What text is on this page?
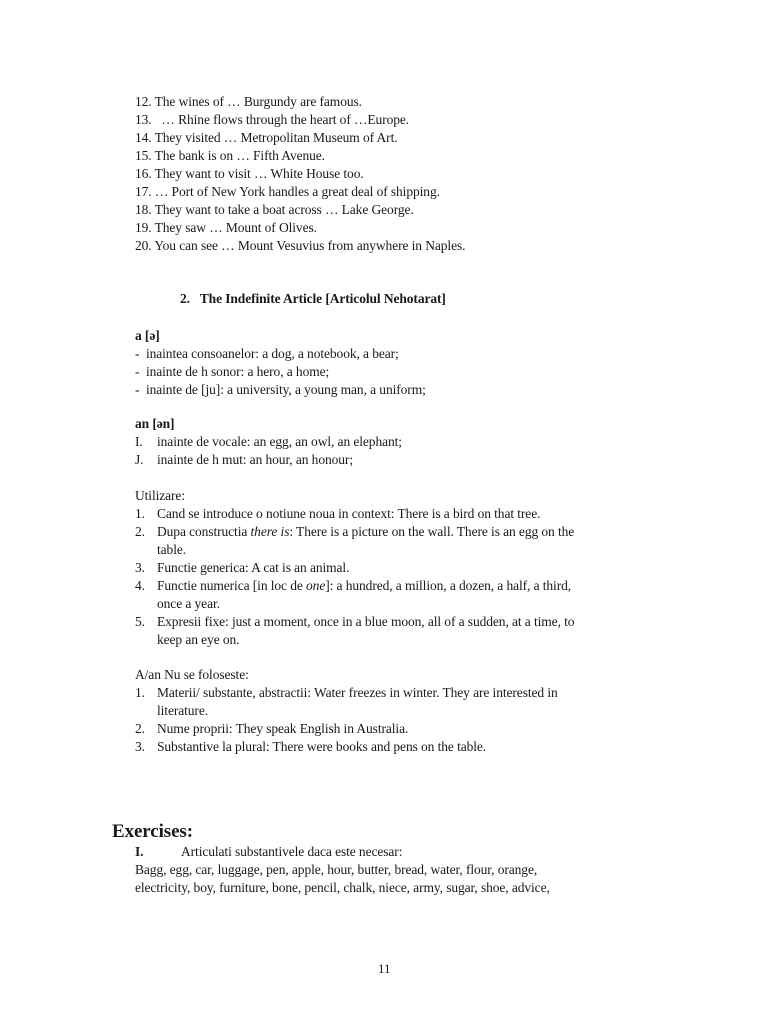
12. The wines of … Burgundy are famous.
13.   … Rhine flows through the heart of …Europe.
14. They visited … Metropolitan Museum of Art.
15. The bank is on … Fifth Avenue.
16. They want to visit … White House too.
17. … Port of New York handles a great deal of shipping.
18. They want to take a boat across … Lake George.
19. They saw … Mount of Olives.
20. You can see … Mount Vesuvius from anywhere in Naples.
2. The Indefinite Article [Articolul Nehotarat]
a [ə]
- inaintea consoanelor: a dog, a notebook, a bear;
- inainte de h sonor: a hero, a home;
- inainte de [ju]: a university, a young man, a uniform;
an [ən]
I. inainte de vocale: an egg, an owl, an elephant;
J. inainte de h mut: an hour, an honour;
Utilizare:
1. Cand se introduce o notiune noua in context: There is a bird on that tree.
2. Dupa constructia there is: There is a picture on the wall. There is an egg on the
table.
3. Functie generica: A cat is an animal.
4. Functie numerica [in loc de one]: a hundred, a million, a dozen, a half, a third,
once a year.
5. Expresii fixe: just a moment, once in a blue moon, all of a sudden, at a time, to
keep an eye on.
A/an Nu se foloseste:
1. Materii/ substante, abstractii: Water freezes in winter. They are interested in
literature.
2. Nume proprii: They speak English in Australia.
3. Substantive la plural: There were books and pens on the table.
Exercises:
I.	Articulati substantivele daca este necesar:
Bagg, egg, car, luggage, pen, apple, hour, butter, bread, water, flour, orange,
electricity, boy, furniture, bone, pencil, chalk, niece, army, sugar, shoe, advice,
11
